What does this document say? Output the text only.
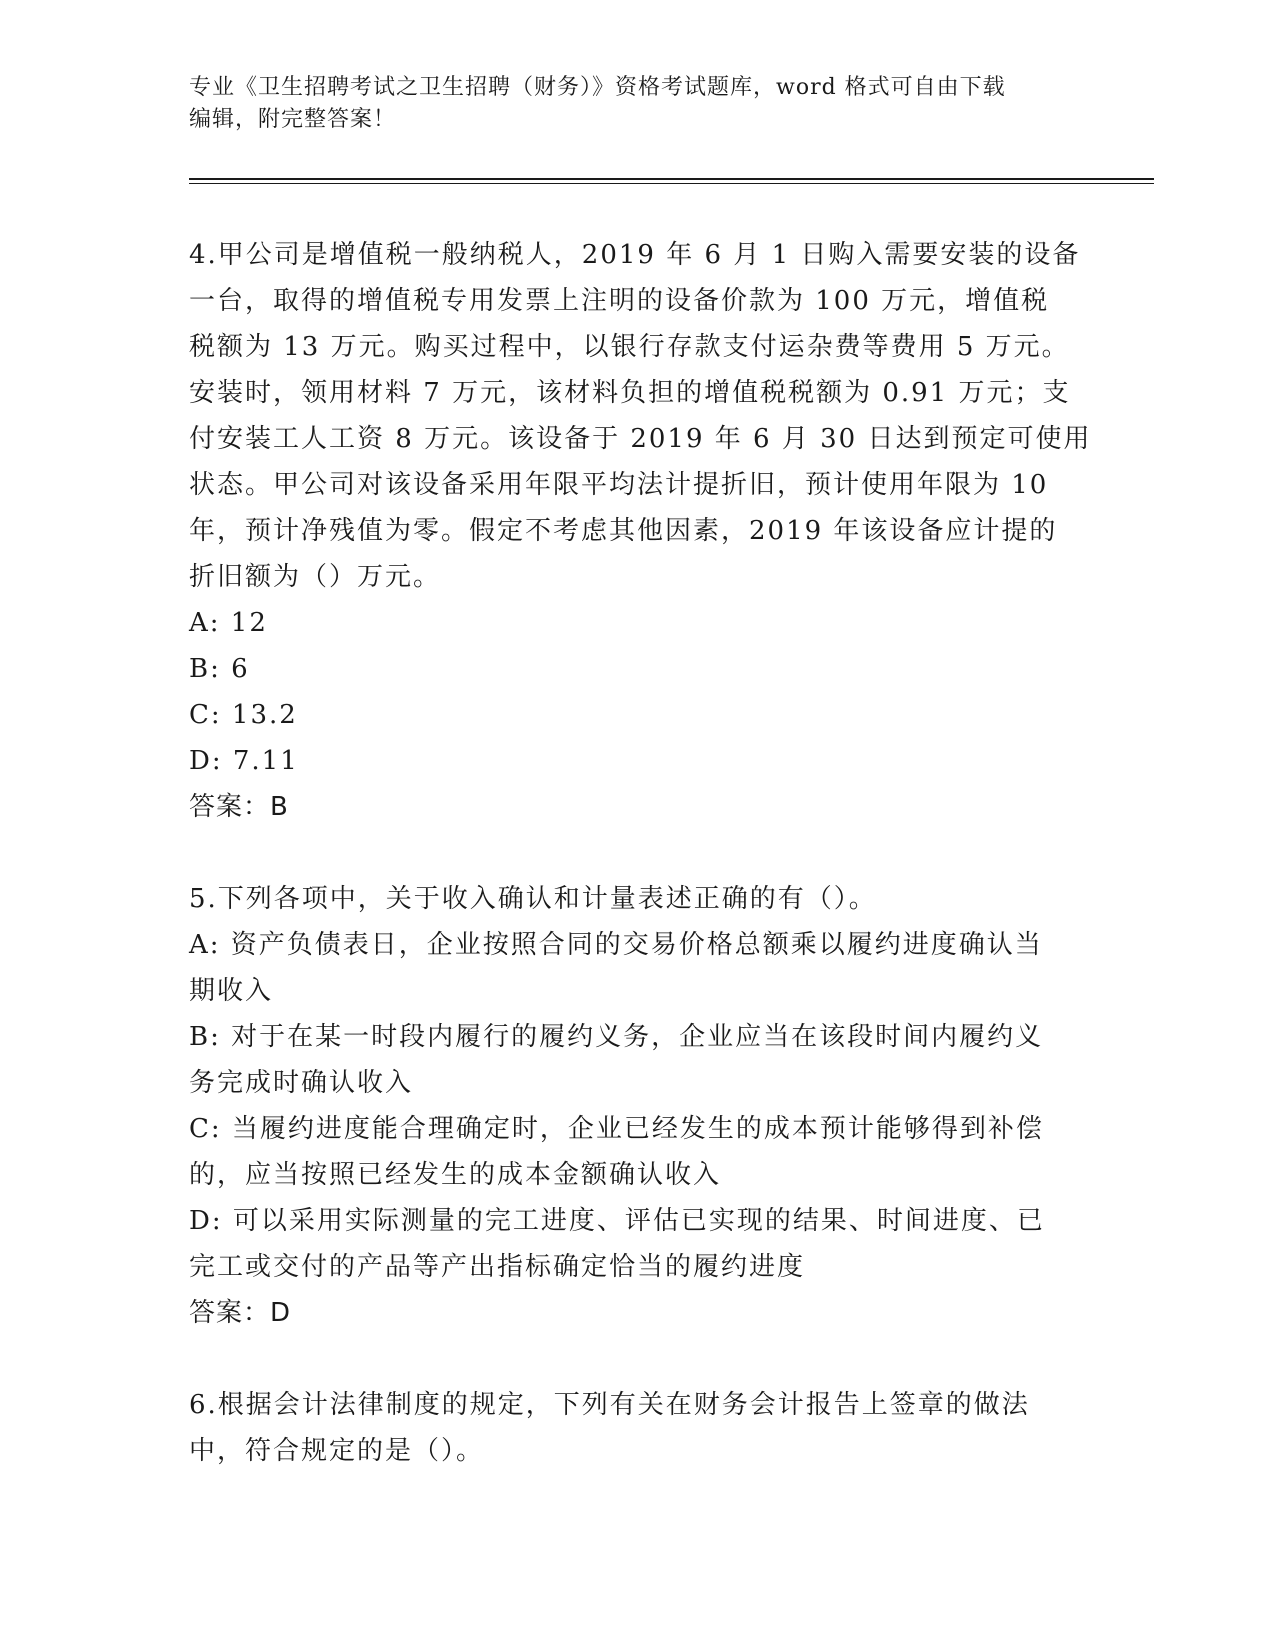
专业《卫生招聘考试之卫生招聘（财务）》资格考试题库，word 格式可自由下载
编辑，附完整答案！
4.甲公司是增值税一般纳税人，2019 年 6 月 1 日购入需要安装的设备
一台，取得的增值税专用发票上注明的设备价款为 100 万元，增值税
税额为 13 万元。购买过程中，以银行存款支付运杂费等费用 5 万元。
安装时，领用材料 7 万元，该材料负担的增值税税额为 0.91 万元；支
付安装工人工资 8 万元。该设备于 2019 年 6 月 30 日达到预定可使用
状态。甲公司对该设备采用年限平均法计提折旧，预计使用年限为 10
年，预计净残值为零。假定不考虑其他因素，2019 年该设备应计提的
折旧额为（）万元。
A: 12
B: 6
C: 13.2
D: 7.11
答案：B
5.下列各项中，关于收入确认和计量表述正确的有（）。
A: 资产负债表日，企业按照合同的交易价格总额乘以履约进度确认当
期收入
B: 对于在某一时段内履行的履约义务，企业应当在该段时间内履约义
务完成时确认收入
C: 当履约进度能合理确定时，企业已经发生的成本预计能够得到补偿
的，应当按照已经发生的成本金额确认收入
D: 可以采用实际测量的完工进度、评估已实现的结果、时间进度、已
完工或交付的产品等产出指标确定恰当的履约进度
答案：D
6.根据会计法律制度的规定，下列有关在财务会计报告上签章的做法
中，符合规定的是（）。
